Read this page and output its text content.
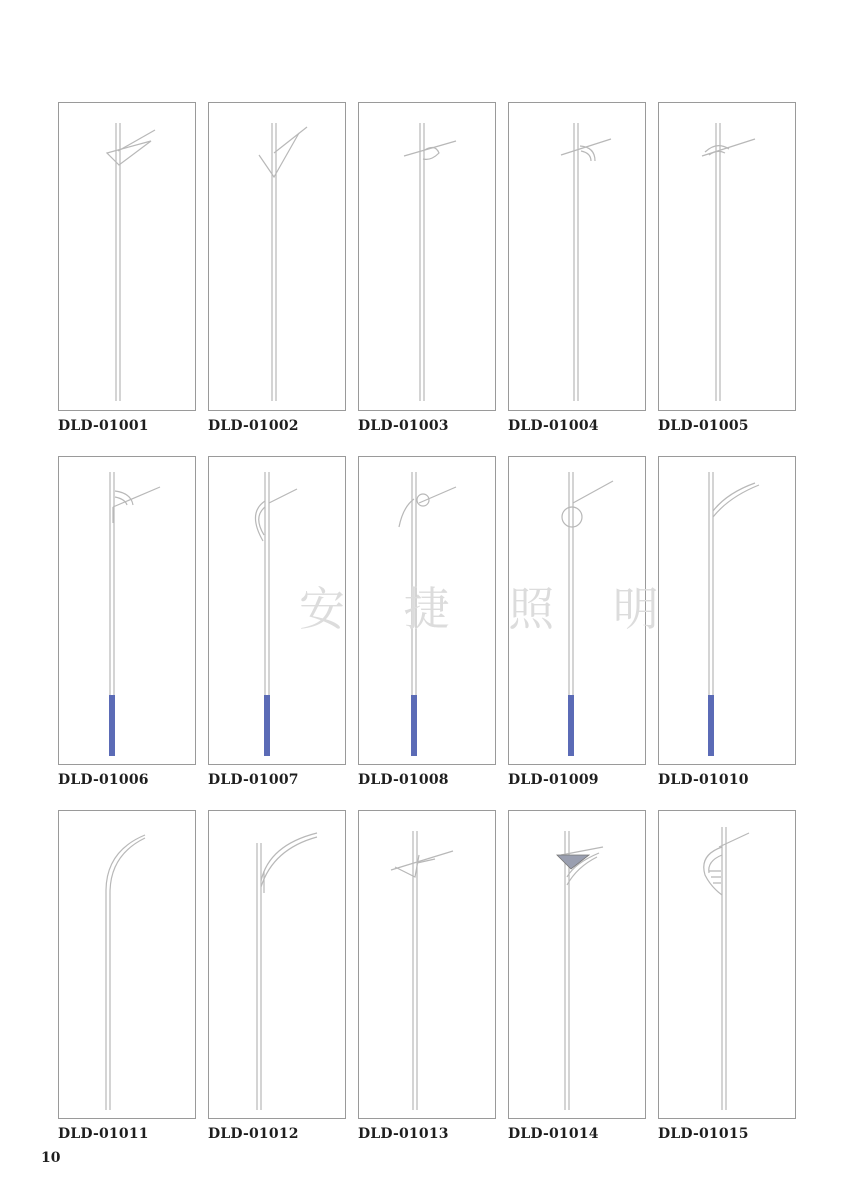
DLD-01001	DLD-01002	DLD-01003	DLD-01004	DLD-01005
DLD-01006	DLD-01007	DLD-01008	DLD-01009	DLD-01010
DLD-01011	DLD-01012	DLD-01013	DLD-01014	DLD-01015
安 捷 照 明
10
